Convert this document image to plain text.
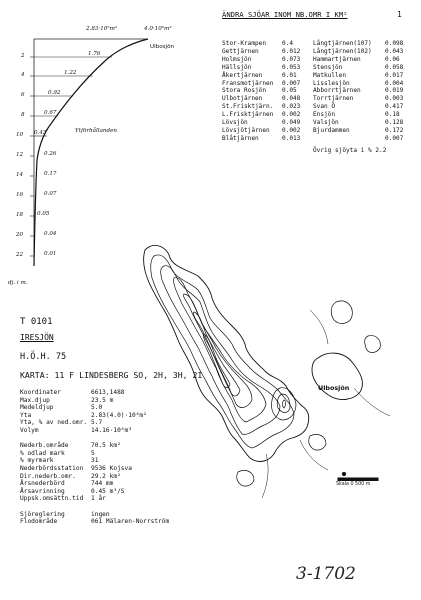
2.83·10⁶m²	4.0·10⁶m²
Ulbosjön
Ytförhållanden
2
4
6
8
10
12
14
16
18
20
22
1.76
1.22
0.92
0.67
0.43
0.26
0.17
0.07
0.05
0.04
0.01
dj. i m.
ÄNDRA SJÖAR INOM NB.OMR I KM²	1
Stor-Krampen	0.4
Gettjärnen	0.012
Holmsjön	0.073
Hällsjön	0.053
Åkertjärnen	0.01
Fransmotjärnen 0.007
Stora Rosjön	0.05
Ulbotjärnen	0.048
St.Frisktjärn. 0.023
L.Frisktjärnen 0.002
Lövsjön	0.049
Lövsjötjärnen 0.002
Blåtjärnen	0.013
Långtjärnen(107) 0.098
Långtjärnen(102) 0.043
Hammartjärnen	0.06
Stensjön	0.058
Matkullen	0.017
Lisslesjön	0.004
Abborrtjärnen	0.019
Torrtjärnen	0.003
Svan Ö	0.417
Ensjön	0.18
Valsjön	0.128
Bjurdammen	0.172
0.007
Övrig sjöyta i % 2.2
T 0101
IRESJÖN
H.Ö.H. 75
KARTA: 11 F LINDESBERG SO, 2H, 3H, 2I
Koordinater	6613,1488
Max.djup	23.5 m
Medeldjup	5.0
Yta	2.83(4.0)·10⁶m²
Yta, % av ned.omr. 5.7
Volym	14.16·10⁶m³
Nederb.område	70.5 km²
% odlad mark	5
% myrmark	31
Nederbördsstation 9536 Kojsva
Dir.nederb.omr. 29.2 km²
Årsnederbörd	744 mm
Årsavrinning	0.45 m³/S
Uppsk.omsättn.tid 1 år
Sjöreglering	ingen
Flodområde	061 Mälaren-Norrström
Ulbosjön
Skala 0 500 m
3-1702
